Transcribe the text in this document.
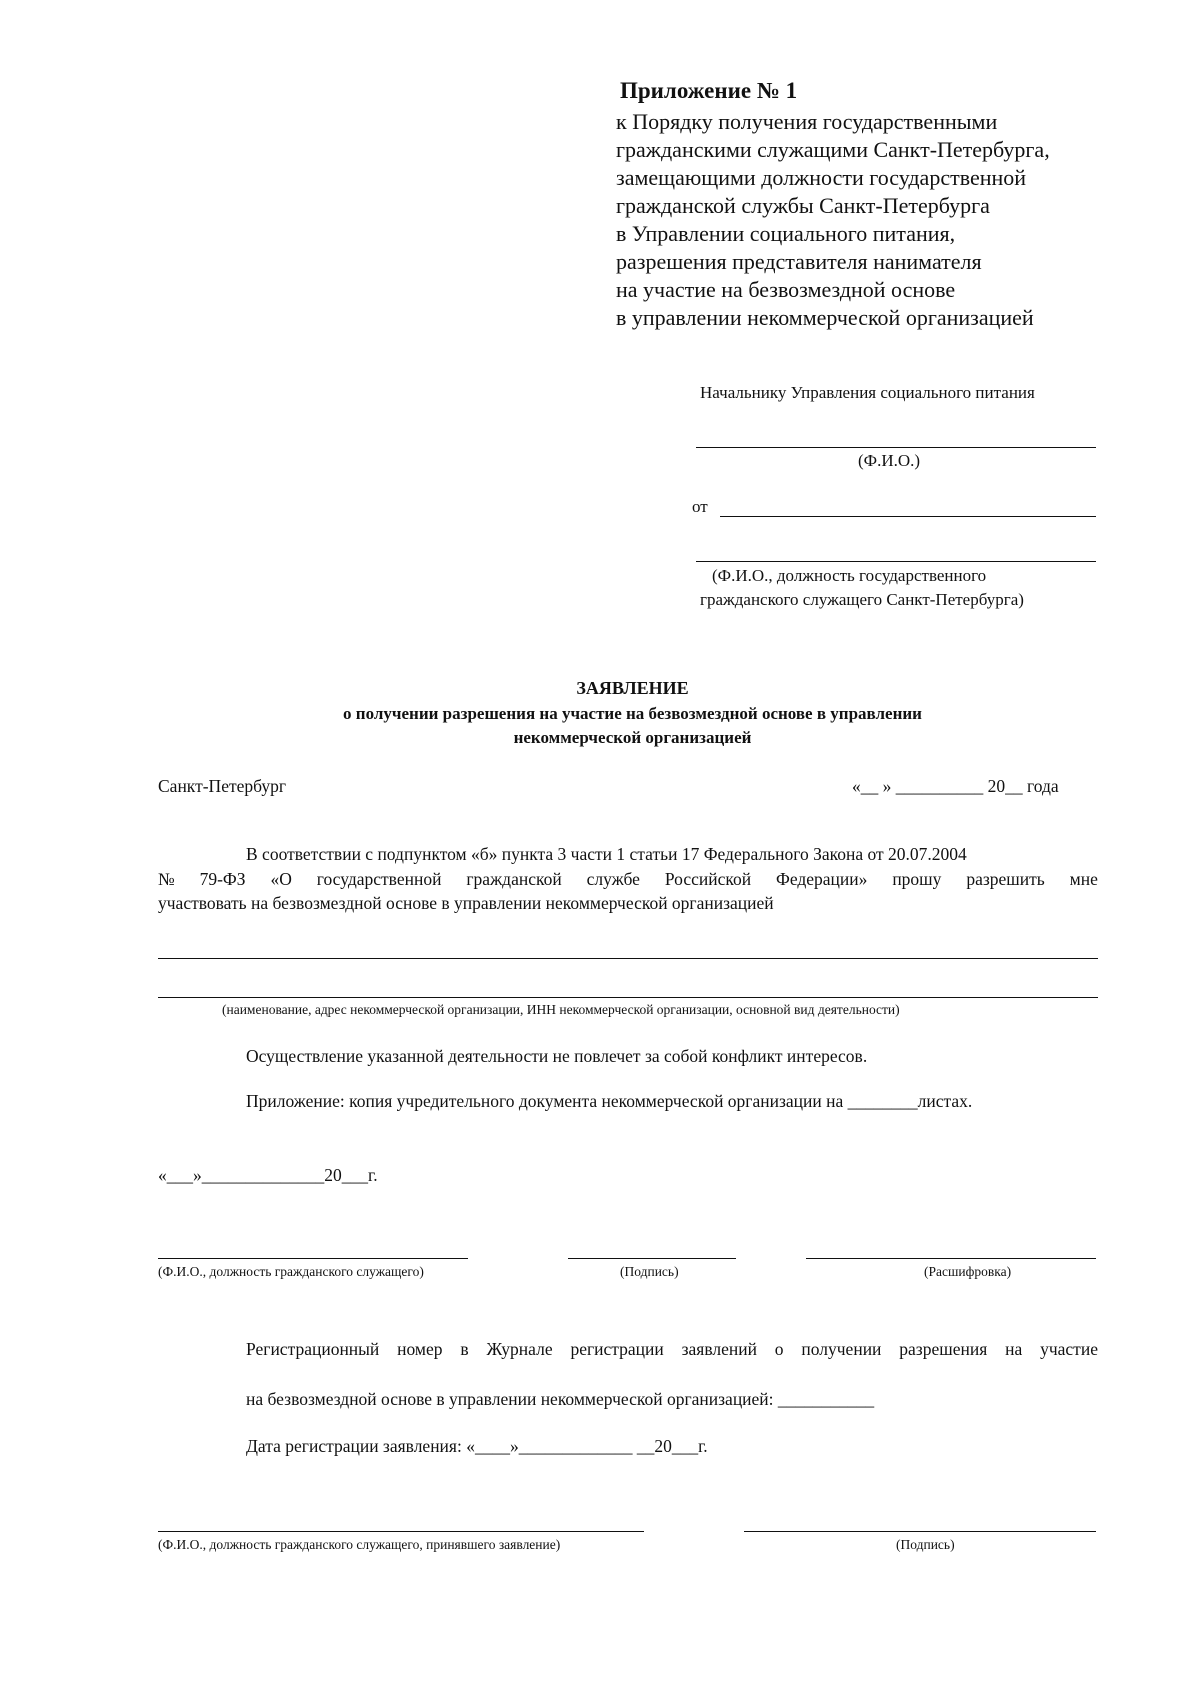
Приложение № 1
к Порядку получения государственными
гражданскими служащими Санкт-Петербурга,
замещающими должности государственной
гражданской службы Санкт-Петербурга
в Управлении социального питания,
разрешения представителя нанимателя
на участие на безвозмездной основе
в управлении некоммерческой организацией
Начальнику Управления социального питания
(Ф.И.О.)
от
(Ф.И.О., должность государственного
гражданского служащего Санкт-Петербурга)
ЗАЯВЛЕНИЕ
о получении разрешения на участие на безвозмездной основе в управлении
некоммерческой организацией
Санкт-Петербург	«__ » __________ 20__ года
В соответствии с подпунктом «б» пункта 3 части 1 статьи 17 Федерального Закона от 20.07.2004
№ 79-ФЗ «О государственной гражданской службе Российской Федерации» прошу разрешить мне
участвовать на безвозмездной основе в управлении некоммерческой организацией
(наименование, адрес некоммерческой организации, ИНН некоммерческой организации, основной вид деятельности)
Осуществление указанной деятельности не повлечет за собой конфликт интересов.
Приложение: копия учредительного документа некоммерческой организации на ________листах.
«___»______________20___г.
(Ф.И.О., должность гражданского служащего)	(Подпись)	(Расшифровка)
Регистрационный номер в Журнале регистрации заявлений о получении разрешения на участие
на безвозмездной основе в управлении некоммерческой организацией: ___________
Дата регистрации заявления: «____»_____________ __20___г.
(Ф.И.О., должность гражданского служащего, принявшего заявление)	(Подпись)
